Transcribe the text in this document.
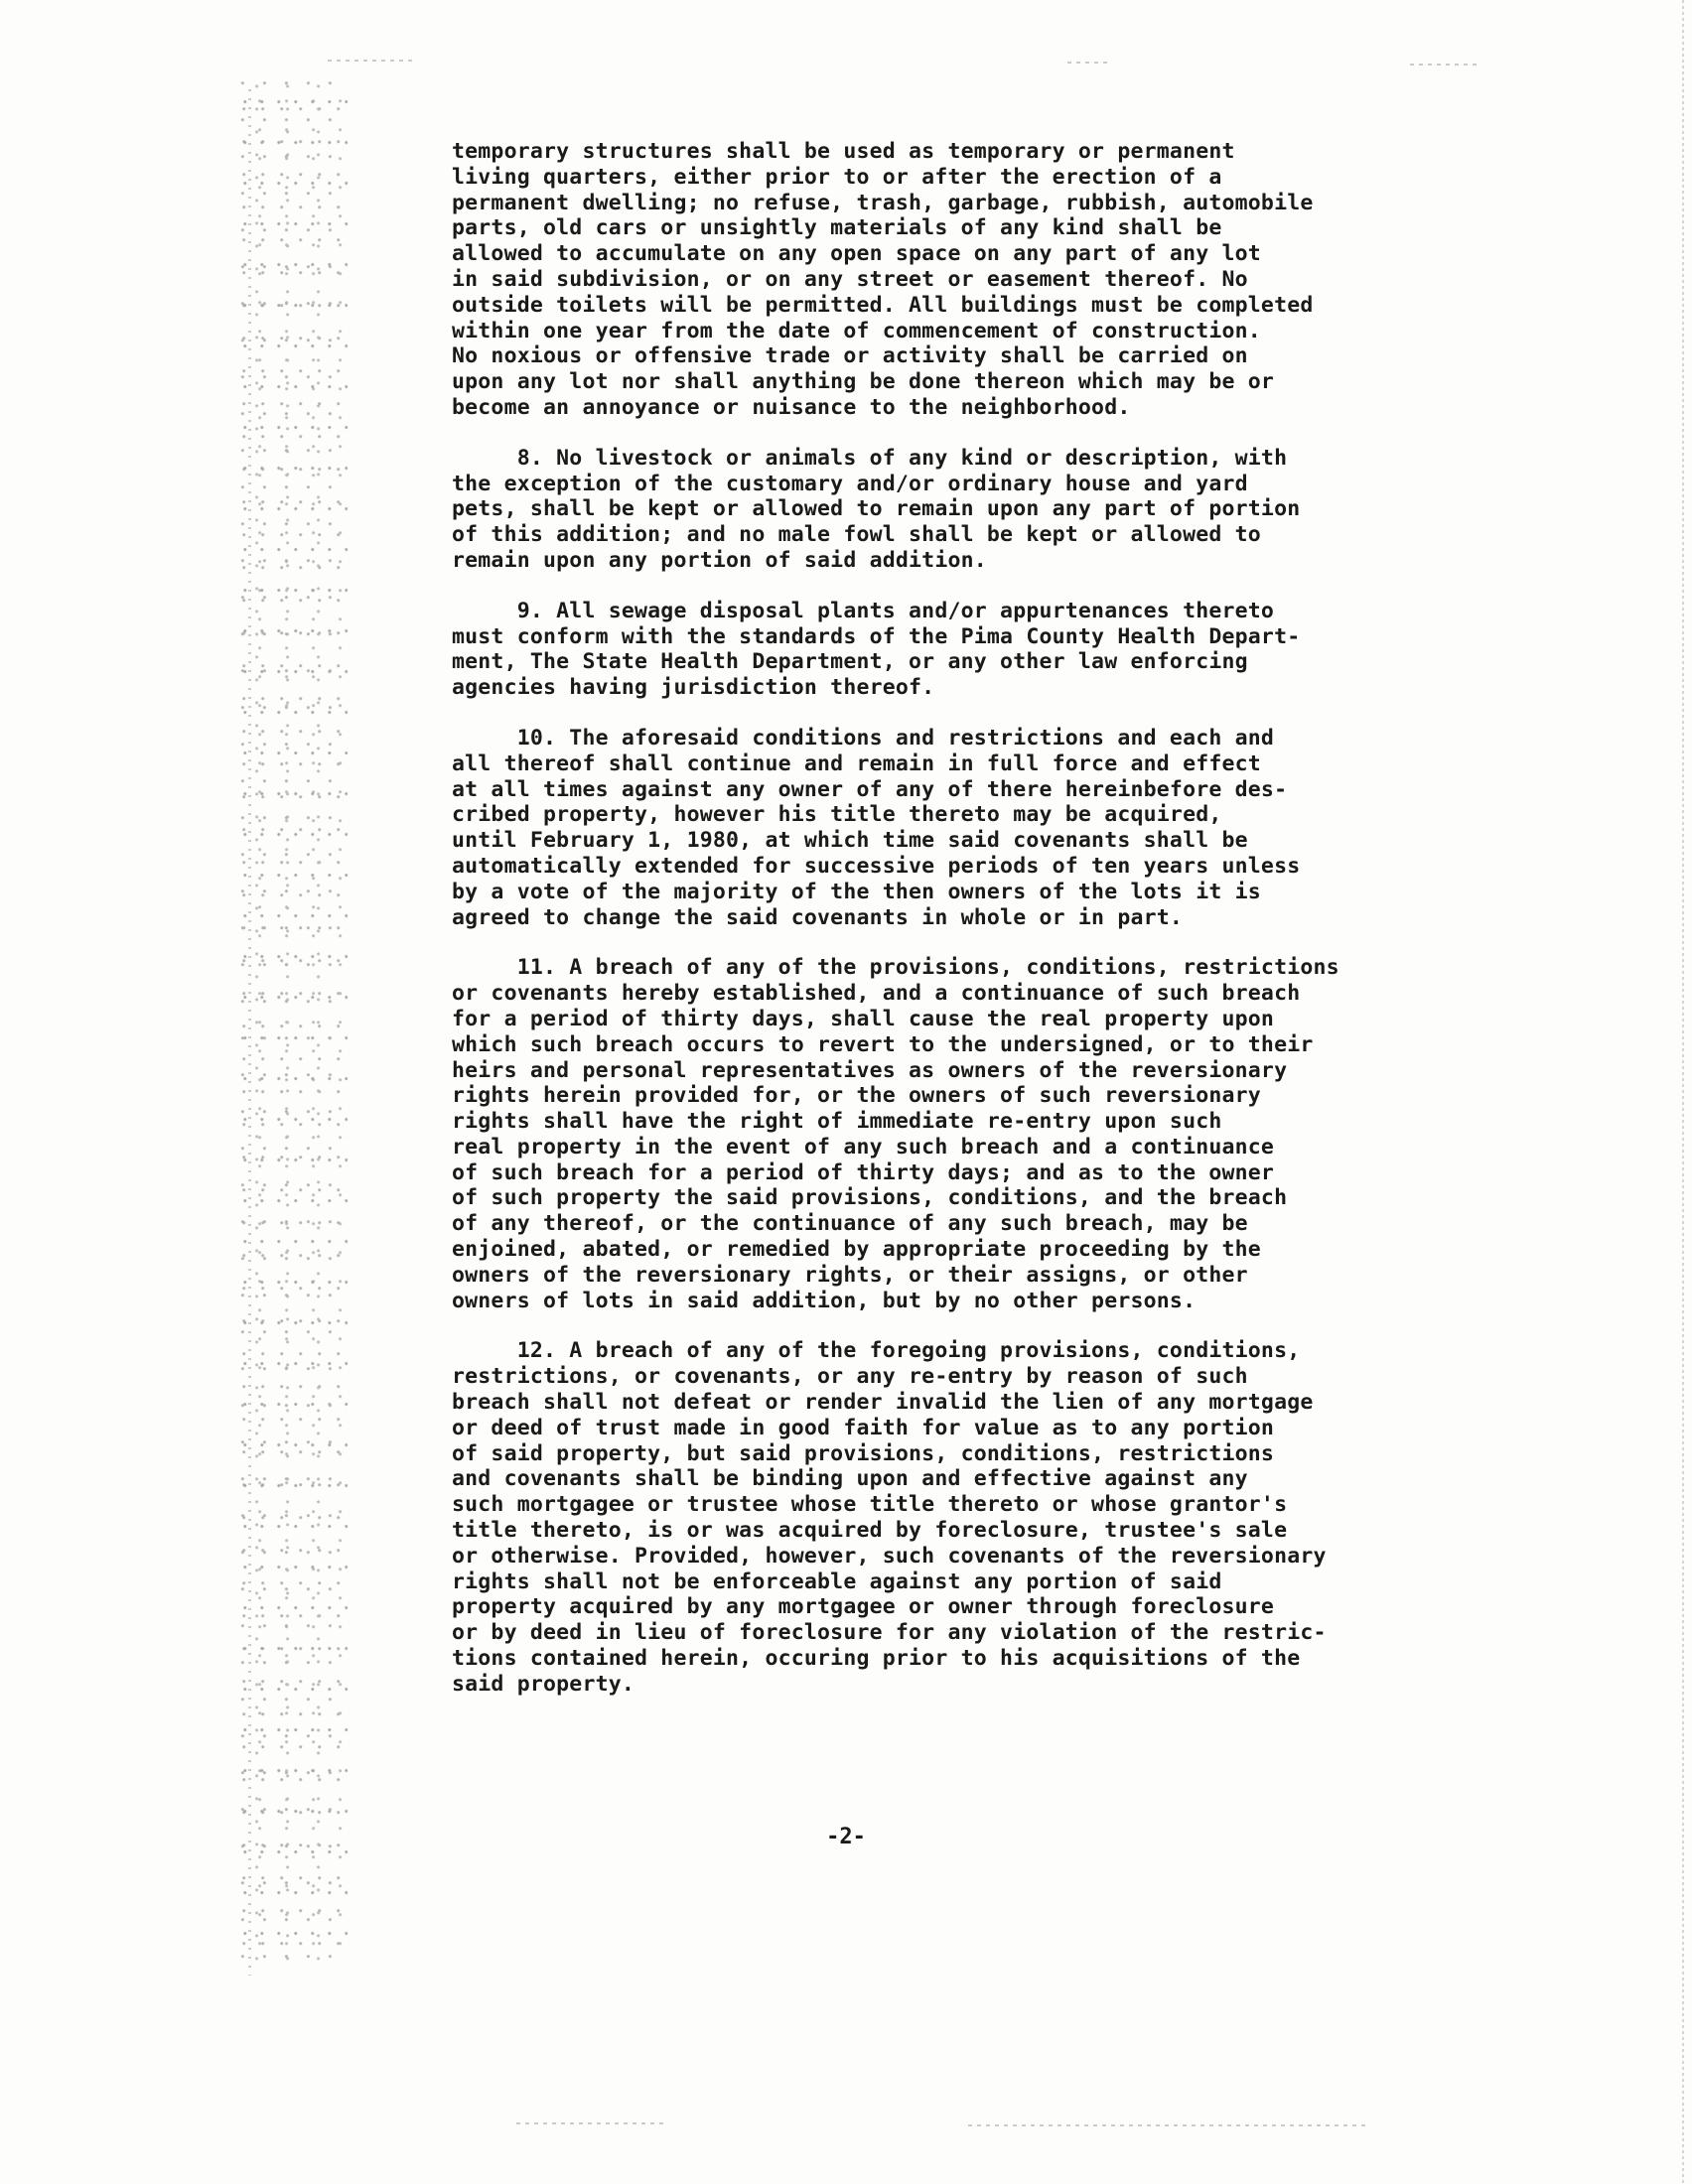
temporary structures shall be used as temporary or permanent
living quarters, either prior to or after the erection of a
permanent dwelling; no refuse, trash, garbage, rubbish, automobile
parts, old cars or unsightly materials of any kind shall be
allowed to accumulate on any open space on any part of any lot
in said subdivision, or on any street or easement thereof. No
outside toilets will be permitted. All buildings must be completed
within one year from the date of commencement of construction.
No noxious or offensive trade or activity shall be carried on
upon any lot nor shall anything be done thereon which may be or
become an annoyance or nuisance to the neighborhood.
8. No livestock or animals of any kind or description, with
the exception of the customary and/or ordinary house and yard
pets, shall be kept or allowed to remain upon any part of portion
of this addition; and no male fowl shall be kept or allowed to
remain upon any portion of said addition.
9. All sewage disposal plants and/or appurtenances thereto
must conform with the standards of the Pima County Health Depart-
ment, The State Health Department, or any other law enforcing
agencies having jurisdiction thereof.
10. The aforesaid conditions and restrictions and each and
all thereof shall continue and remain in full force and effect
at all times against any owner of any of there hereinbefore des-
cribed property, however his title thereto may be acquired,
until February 1, 1980, at which time said covenants shall be
automatically extended for successive periods of ten years unless
by a vote of the majority of the then owners of the lots it is
agreed to change the said covenants in whole or in part.
11. A breach of any of the provisions, conditions, restrictions
or covenants hereby established, and a continuance of such breach
for a period of thirty days, shall cause the real property upon
which such breach occurs to revert to the undersigned, or to their
heirs and personal representatives as owners of the reversionary
rights herein provided for, or the owners of such reversionary
rights shall have the right of immediate re-entry upon such
real property in the event of any such breach and a continuance
of such breach for a period of thirty days; and as to the owner
of such property the said provisions, conditions, and the breach
of any thereof, or the continuance of any such breach, may be
enjoined, abated, or remedied by appropriate proceeding by the
owners of the reversionary rights, or their assigns, or other
owners of lots in said addition, but by no other persons.
12. A breach of any of the foregoing provisions, conditions,
restrictions, or covenants, or any re-entry by reason of such
breach shall not defeat or render invalid the lien of any mortgage
or deed of trust made in good faith for value as to any portion
of said property, but said provisions, conditions, restrictions
and covenants shall be binding upon and effective against any
such mortgagee or trustee whose title thereto or whose grantor's
title thereto, is or was acquired by foreclosure, trustee's sale
or otherwise. Provided, however, such covenants of the reversionary
rights shall not be enforceable against any portion of said
property acquired by any mortgagee or owner through foreclosure
or by deed in lieu of foreclosure for any violation of the restric-
tions contained herein, occuring prior to his acquisitions of the
said property.
-2-
